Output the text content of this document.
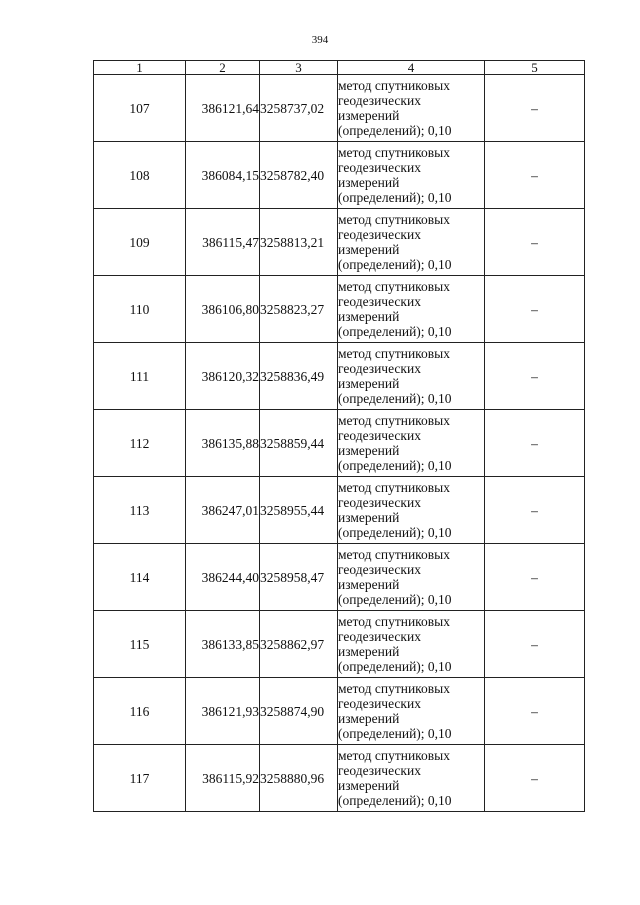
394
1	2	3	4	5
107	386121,64	3258737,02	метод спутниковых
геодезических
измерений
(определений); 0,10	–
108	386084,15	3258782,40	метод спутниковых
геодезических
измерений
(определений); 0,10	–
109	386115,47	3258813,21	метод спутниковых
геодезических
измерений
(определений); 0,10	–
110	386106,80	3258823,27	метод спутниковых
геодезических
измерений
(определений); 0,10	–
111	386120,32	3258836,49	метод спутниковых
геодезических
измерений
(определений); 0,10	–
112	386135,88	3258859,44	метод спутниковых
геодезических
измерений
(определений); 0,10	–
113	386247,01	3258955,44	метод спутниковых
геодезических
измерений
(определений); 0,10	–
114	386244,40	3258958,47	метод спутниковых
геодезических
измерений
(определений); 0,10	–
115	386133,85	3258862,97	метод спутниковых
геодезических
измерений
(определений); 0,10	–
116	386121,93	3258874,90	метод спутниковых
геодезических
измерений
(определений); 0,10	–
117	386115,92	3258880,96	метод спутниковых
геодезических
измерений
(определений); 0,10	–
